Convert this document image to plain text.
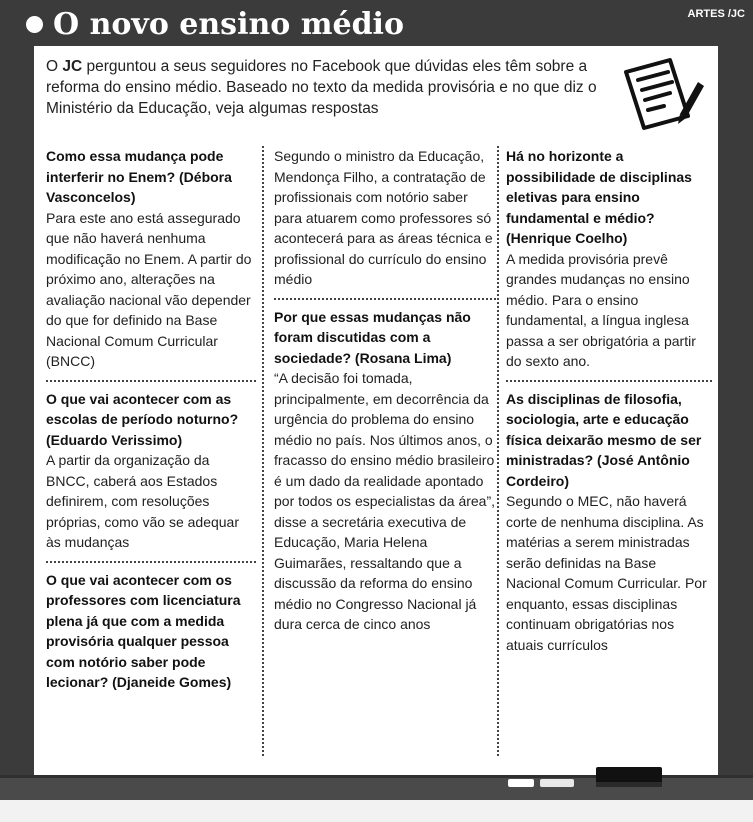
O novo ensino médio	ARTES /JC
O JC perguntou a seus seguidores no Facebook que dúvidas eles têm sobre a reforma do ensino médio. Baseado no texto da medida provisória e no que diz o Ministério da Educação, veja algumas respostas
Como essa mudança pode interferir no Enem? (Débora Vasconcelos)

Para este ano está assegurado que não haverá nenhuma modificação no Enem. A partir do próximo ano, alterações na avaliação nacional vão depender do que for definido na Base Nacional Comum Curricular (BNCC)

O que vai acontecer com as escolas de período noturno? (Eduardo Verissimo)

A partir da organização da BNCC, caberá aos Estados definirem, com resoluções próprias, como vão se adequar às mudanças

O que vai acontecer com os professores com licenciatura plena já que com a medida provisória qualquer pessoa com notório saber pode lecionar? (Djaneide Gomes)

Segundo o ministro da Educação, Mendonça Filho, a contratação de profissionais com notório saber para atuarem como professores só acontecerá para as áreas técnica e profissional do currículo do ensino médio

Por que essas mudanças não foram discutidas com a sociedade? (Rosana Lima)

“A decisão foi tomada, principalmente, em decorrência da urgência do problema do ensino médio no país. Nos últimos anos, o fracasso do ensino médio brasileiro é um dado da realidade apontado por todos os especialistas da área”, disse a secretária executiva de Educação, Maria Helena Guimarães, ressaltando que a discussão da reforma do ensino médio no Congresso Nacional já dura cerca de cinco anos

Há no horizonte a possibilidade de disciplinas eletivas para ensino fundamental e médio? (Henrique Coelho)

A medida provisória prevê grandes mudanças no ensino médio. Para o ensino fundamental, a língua inglesa passa a ser obrigatória a partir do sexto ano.

As disciplinas de filosofia, sociologia, arte e educação física deixarão mesmo de ser ministradas? (José Antônio Cordeiro)

Segundo o MEC, não haverá corte de nenhuma disciplina. As matérias a serem ministradas serão definidas na Base Nacional Comum Curricular. Por enquanto, essas disciplinas continuam obrigatórias nos atuais currículos
